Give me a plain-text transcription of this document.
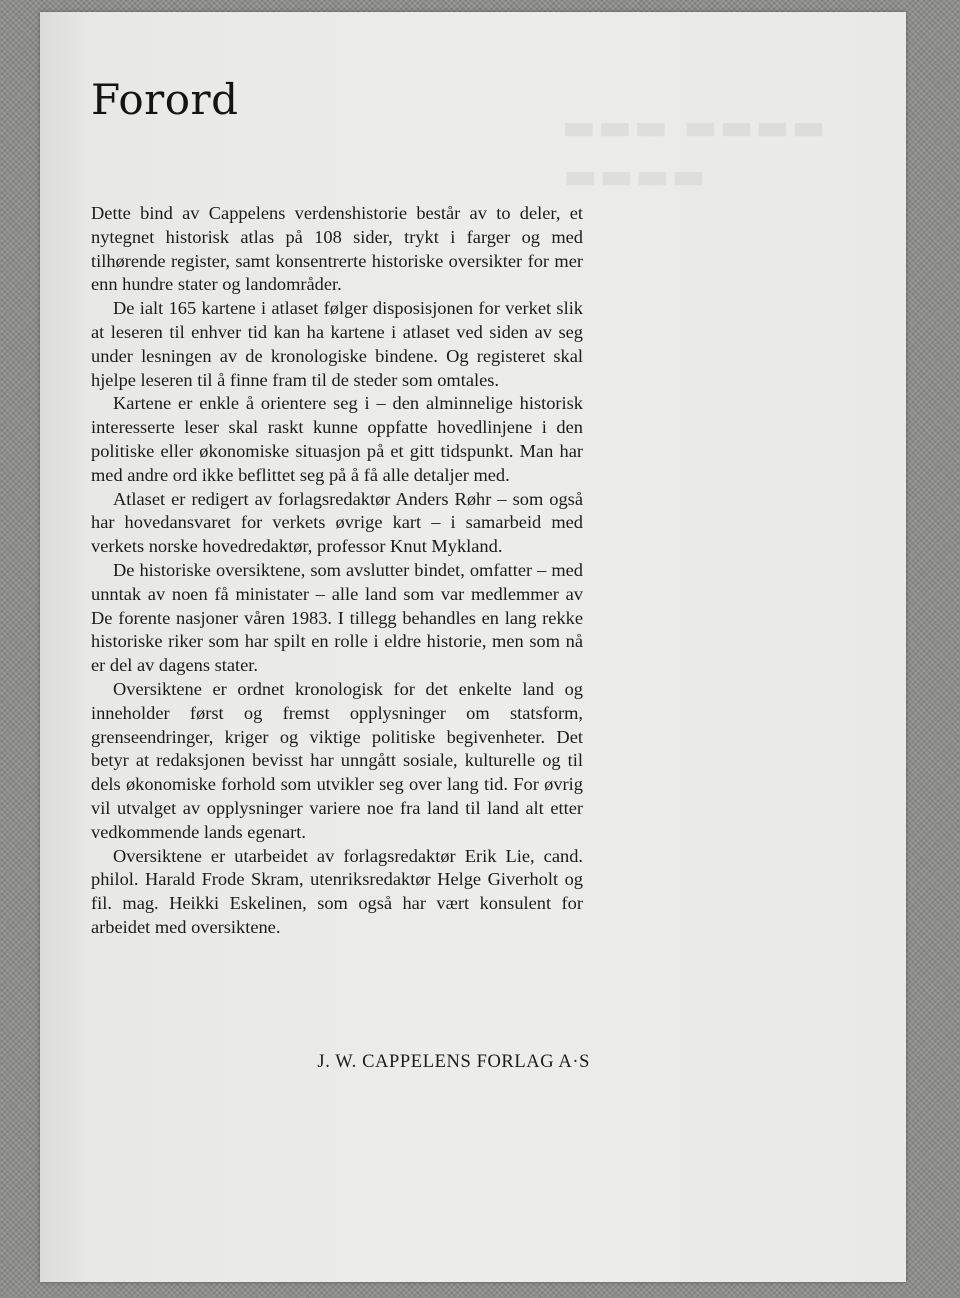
▬▬▬▬ ▬▬▬
▬▬▬▬
Forord

Dette bind av Cappelens verdenshistorie består av to deler, et nytegnet historisk atlas på 108 sider, trykt i farger og med tilhørende register, samt konsentrerte historiske oversikter for mer enn hundre stater og landområder.

De ialt 165 kartene i atlaset følger disposisjonen for verket slik at leseren til enhver tid kan ha kartene i atlaset ved siden av seg under lesningen av de kronologiske bindene. Og registeret skal hjelpe leseren til å finne fram til de steder som omtales.

Kartene er enkle å orientere seg i – den alminnelige historisk interesserte leser skal raskt kunne oppfatte hovedlinjene i den politiske eller økonomiske situasjon på et gitt tidspunkt. Man har med andre ord ikke beflittet seg på å få alle detaljer med.

Atlaset er redigert av forlagsredaktør Anders Røhr – som også har hovedansvaret for verkets øvrige kart – i samarbeid med verkets norske hovedredaktør, professor Knut Mykland.

De historiske oversiktene, som avslutter bindet, omfatter – med unntak av noen få ministater – alle land som var medlemmer av De forente nasjoner våren 1983. I tillegg behandles en lang rekke historiske riker som har spilt en rolle i eldre historie, men som nå er del av dagens stater.

Oversiktene er ordnet kronologisk for det enkelte land og inneholder først og fremst opplysninger om statsform, grenseendringer, kriger og viktige politiske begivenheter. Det betyr at redaksjonen bevisst har unngått sosiale, kulturelle og til dels økonomiske forhold som utvikler seg over lang tid. For øvrig vil utvalget av opplysninger variere noe fra land til land alt etter vedkommende lands egenart.

Oversiktene er utarbeidet av forlagsredaktør Erik Lie, cand. philol. Harald Frode Skram, utenriksredaktør Helge Giverholt og fil. mag. Heikki Eskelinen, som også har vært konsulent for arbeidet med oversiktene.

J. W. CAPPELENS FORLAG A·S
